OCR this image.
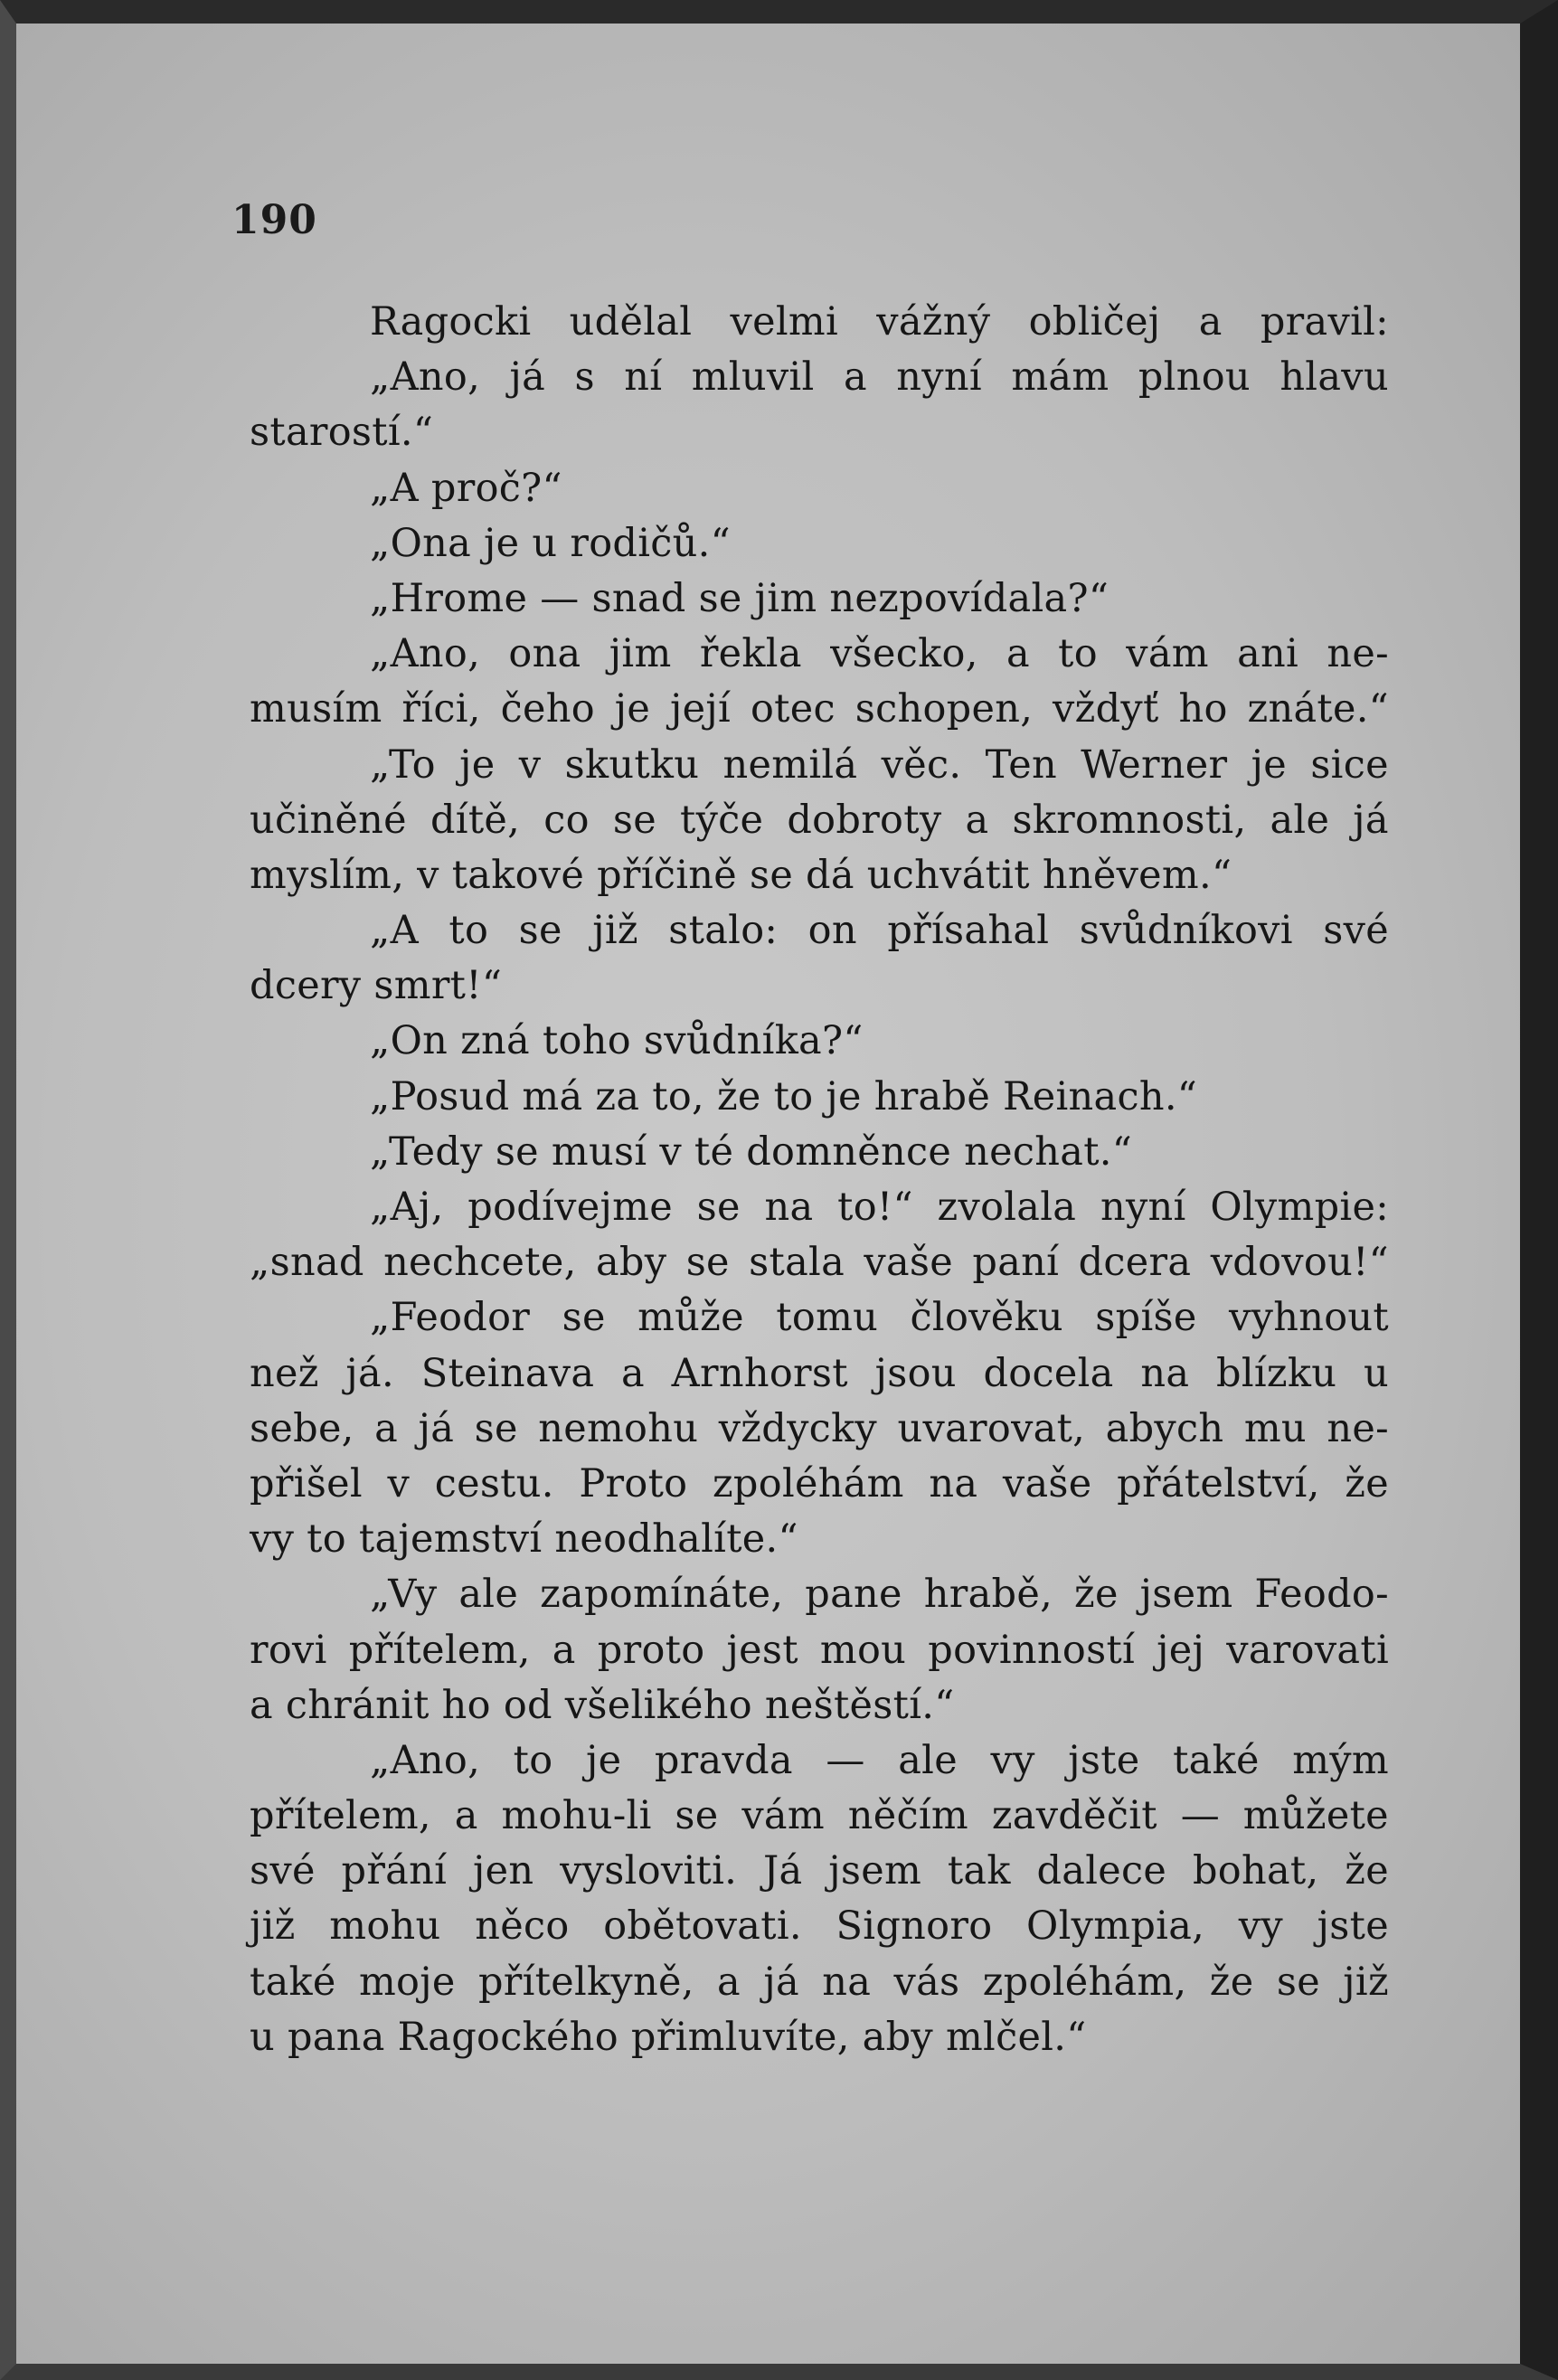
190
Ragocki udělal velmi vážný obličej a pravil:
„Ano, já s ní mluvil a nyní mám plnou hlavu
starostí.“
„A proč?“
„Ona je u rodičů.“
„Hrome — snad se jim nezpovídala?“
„Ano, ona jim řekla všecko, a to vám ani ne-
musím říci, čeho je její otec schopen, vždyť ho znáte.“
„To je v skutku nemilá věc. Ten Werner je sice
učiněné dítě, co se týče dobroty a skromnosti, ale já
myslím, v takové příčině se dá uchvátit hněvem.“
„A to se již stalo: on přísahal svůdníkovi své
dcery smrt!“
„On zná toho svůdníka?“
„Posud má za to, že to je hrabě Reinach.“
„Tedy se musí v té domněnce nechat.“
„Aj, podívejme se na to!“ zvolala nyní Olympie:
„snad nechcete, aby se stala vaše paní dcera vdovou!“
„Feodor se může tomu člověku spíše vyhnout
než já. Steinava a Arnhorst jsou docela na blízku u
sebe, a já se nemohu vždycky uvarovat, abych mu ne-
přišel v cestu. Proto zpoléhám na vaše přátelství, že
vy to tajemství neodhalíte.“
„Vy ale zapomínáte, pane hrabě, že jsem Feodo-
rovi přítelem, a proto jest mou povinností jej varovati
a chránit ho od všelikého neštěstí.“
„Ano, to je pravda — ale vy jste také mým
přítelem, a mohu-li se vám něčím zavděčit — můžete
své přání jen vysloviti. Já jsem tak dalece bohat, že
již mohu něco obětovati. Signoro Olympia, vy jste
také moje přítelkyně, a já na vás zpoléhám, že se již
u pana Ragockého přimluvíte, aby mlčel.“
